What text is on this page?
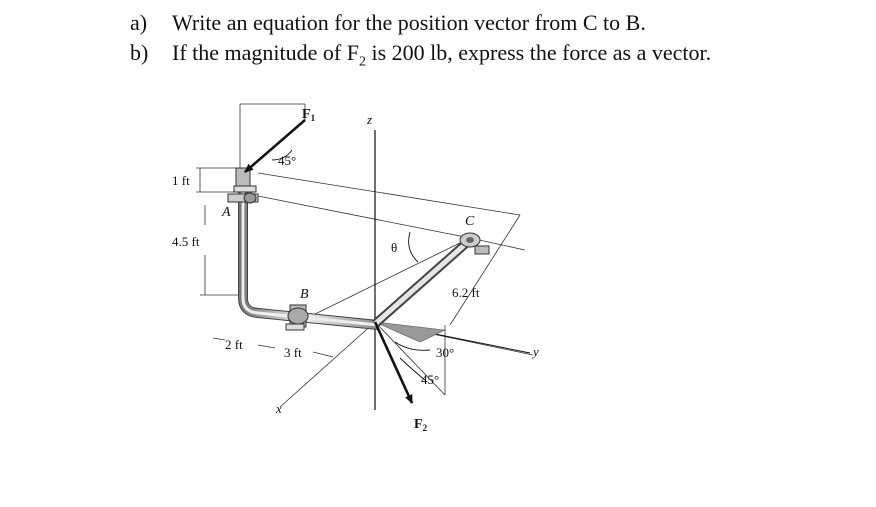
a) Write an equation for the position vector from C to B.
b) If the magnitude of $F_2$ is 200 lb, express the force as a vector.
$F_1$
$F_2$
z
y
x
A
B
C
θ
45°
30°
45°
1 ft
4.5 ft
2 ft
3 ft
6.2 ft
